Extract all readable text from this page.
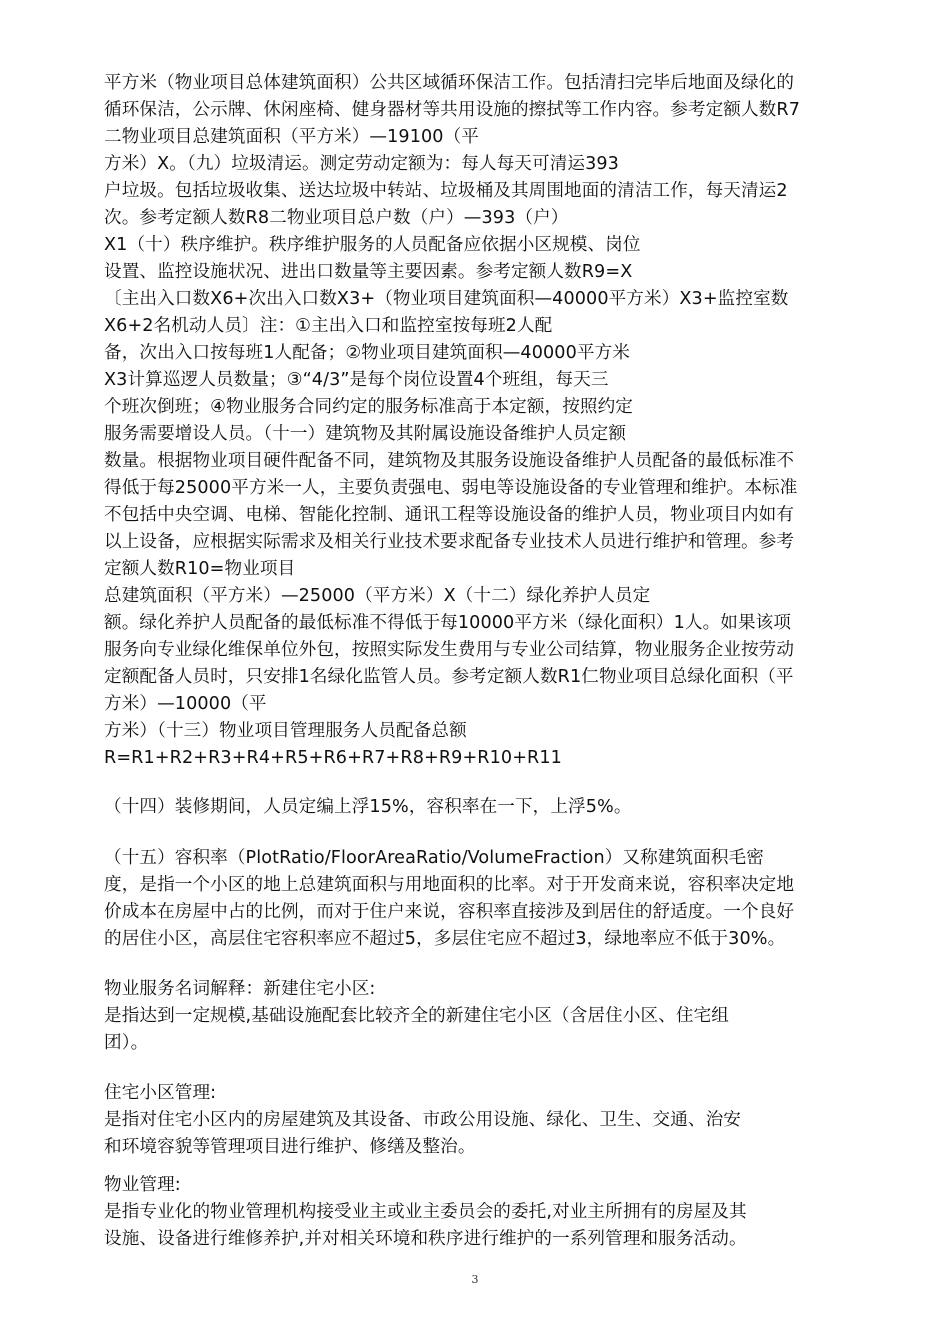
平方米（物业项目总体建筑面积）公共区域循环保洁工作。包括清扫完毕后地面及绿化的
循环保洁，公示牌、休闲座椅、健身器材等共用设施的擦拭等工作内容。参考定额人数R7
二物业项目总建筑面积（平方米）—19100（平
方米）X。（九）垃圾清运。测定劳动定额为：每人每天可清运393
户垃圾。包括垃圾收集、送达垃圾中转站、垃圾桶及其周围地面的清洁工作，每天清运2
次。参考定额人数R8二物业项目总户数（户）—393（户）
X1（十）秩序维护。秩序维护服务的人员配备应依据小区规模、岗位
设置、监控设施状况、进出口数量等主要因素。参考定额人数R9=X
〔主出入口数X6+次出入口数X3+（物业项目建筑面积—40000平方米）X3+监控室数
X6+2名机动人员〕注：①主出入口和监控室按每班2人配
备，次出入口按每班1人配备；②物业项目建筑面积—40000平方米
X3计算巡逻人员数量；③“4/3”是每个岗位设置4个班组，每天三
个班次倒班；④物业服务合同约定的服务标准高于本定额，按照约定
服务需要增设人员。（十一）建筑物及其附属设施设备维护人员定额
数量。根据物业项目硬件配备不同，建筑物及其服务设施设备维护人员配备的最低标准不
得低于每25000平方米一人，主要负责强电、弱电等设施设备的专业管理和维护。本标准
不包括中央空调、电梯、智能化控制、通讯工程等设施设备的维护人员，物业项目内如有
以上设备，应根据实际需求及相关行业技术要求配备专业技术人员进行维护和管理。参考
定额人数R10=物业项目
总建筑面积（平方米）—25000（平方米）X（十二）绿化养护人员定
额。绿化养护人员配备的最低标准不得低于每10000平方米（绿化面积）1人。如果该项
服务向专业绿化维保单位外包，按照实际发生费用与专业公司结算，物业服务企业按劳动
定额配备人员时，只安排1名绿化监管人员。参考定额人数R1仁物业项目总绿化面积（平
方米）—10000（平
方米）（十三）物业项目管理服务人员配备总额
R=R1+R2+R3+R4+R5+R6+R7+R8+R9+R10+R11
（十四）装修期间，人员定编上浮15%，容积率在一下，上浮5%。
（十五）容积率（PlotRatio/FloorAreaRatio/VolumeFraction）又称建筑面积毛密
度，是指一个小区的地上总建筑面积与用地面积的比率。对于开发商来说，容积率决定地
价成本在房屋中占的比例，而对于住户来说，容积率直接涉及到居住的舒适度。一个良好
的居住小区，高层住宅容积率应不超过5，多层住宅应不超过3，绿地率应不低于30%。
物业服务名词解释：新建住宅小区:
是指达到一定规模,基础设施配套比较齐全的新建住宅小区（含居住小区、住宅组
团）。
住宅小区管理:
是指对住宅小区内的房屋建筑及其设备、市政公用设施、绿化、卫生、交通、治安
和环境容貌等管理项目进行维护、修缮及整治。
物业管理:
是指专业化的物业管理机构接受业主或业主委员会的委托,对业主所拥有的房屋及其
设施、设备进行维修养护,并对相关环境和秩序进行维护的一系列管理和服务活动。
3
